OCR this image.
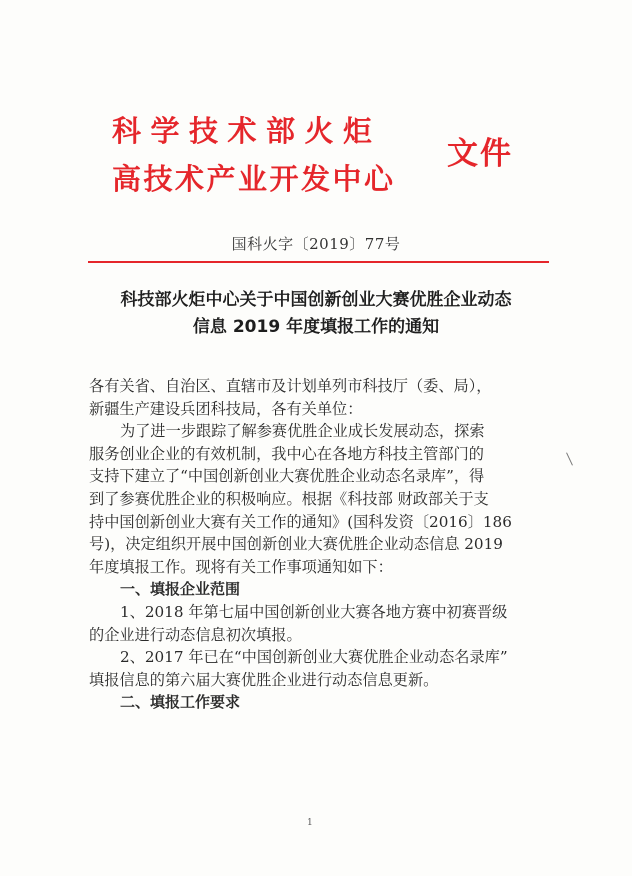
科学技术部火炬
高技术产业开发中心
文件
国科火字〔2019〕77号
科技部火炬中心关于中国创新创业大赛优胜企业动态
信息 2019 年度填报工作的通知
各有关省、自治区、直辖市及计划单列市科技厅（委、局），
新疆生产建设兵团科技局，各有关单位：
为了进一步跟踪了解参赛优胜企业成长发展动态，探索
服务创业企业的有效机制，我中心在各地方科技主管部门的
支持下建立了“中国创新创业大赛优胜企业动态名录库”，得
到了参赛优胜企业的积极响应。根据《科技部 财政部关于支
持中国创新创业大赛有关工作的通知》(国科发资〔2016〕186
号)，决定组织开展中国创新创业大赛优胜企业动态信息 2019
年度填报工作。现将有关工作事项通知如下：
一、填报企业范围
1、2018 年第七届中国创新创业大赛各地方赛中初赛晋级
的企业进行动态信息初次填报。
2、2017 年已在“中国创新创业大赛优胜企业动态名录库”
填报信息的第六届大赛优胜企业进行动态信息更新。
二、填报工作要求
1
